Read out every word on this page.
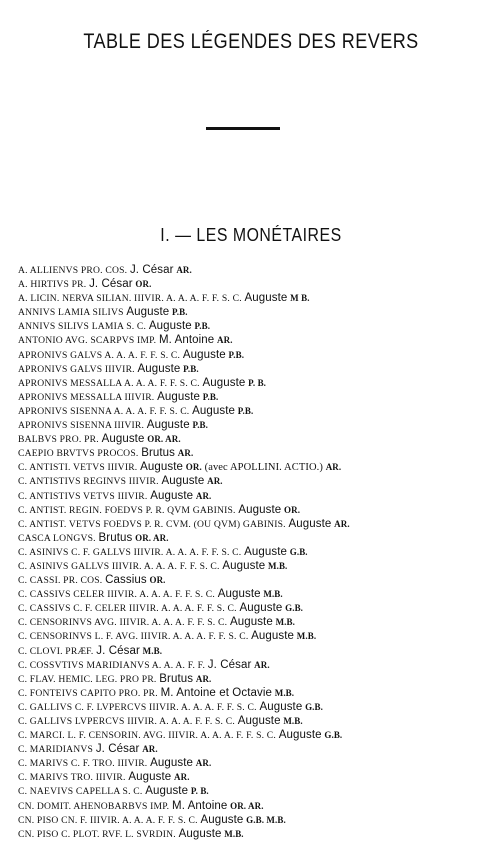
TABLE DES LÉGENDES DES REVERS
I. — LES MONÉTAIRES
A. ALLIENVS PRO. COS. J. César AR.
A. HIRTIVS PR. J. César OR.
A. LICIN. NERVA SILIAN. IIIVIR. A. A. A. F. F. S. C. Auguste M B.
ANNIVS LAMIA SILIVS Auguste P.B.
ANNIVS SILIVS LAMIA S. C. Auguste P.B.
ANTONIO AVG. SCARPVS IMP. M. Antoine AR.
APRONIVS GALVS A. A. A. F. F. S. C. Auguste P.B.
APRONIVS GALVS IIIVIR. Auguste P.B.
APRONIVS MESSALLA A. A. A. F. F. S. C. Auguste P. B.
APRONIVS MESSALLA IIIVIR. Auguste P.B.
APRONIVS SISENNA A. A. A. F. F. S. C. Auguste P.B.
APRONIVS SISENNA IIIVIR. Auguste P.B.
BALBVS PRO. PR. Auguste OR. AR.
CAEPIO BRVTVS PROCOS. Brutus AR.
C. ANTISTI. VETVS IIIVIR. Auguste OR. (avec APOLLINI. ACTIO.) AR.
C. ANTISTIVS REGINVS IIIVIR. Auguste AR.
C. ANTISTIVS VETVS IIIVIR. Auguste AR.
C. ANTIST. REGIN. FOEDVS P. R. QVM GABINIS. Auguste OR.
C. ANTIST. VETVS FOEDVS P. R. CVM. (OU QVM) GABINIS. Auguste AR.
CASCA LONGVS. Brutus OR. AR.
C. ASINIVS C. F. GALLVS IIIVIR. A. A. A. F. F. S. C. Auguste G.B.
C. ASINIVS GALLVS IIIVIR. A. A. A. F. F. S. C. Auguste M.B.
C. CASSI. PR. COS. Cassius OR.
C. CASSIVS CELER IIIVIR. A. A. A. F. F. S. C. Auguste M.B.
C. CASSIVS C. F. CELER IIIVIR. A. A. A. F. F. S. C. Auguste G.B.
C. CENSORINVS AVG. IIIVIR. A. A. A. F. F. S. C. Auguste M.B.
C. CENSORINVS L. F. AVG. IIIVIR. A. A. A. F. F. S. C. Auguste M.B.
C. CLOVI. PRÆF. J. César M.B.
C. COSSVTIVS MARIDIANVS A. A. A. F. F. J. César AR.
C. FLAV. HEMIC. LEG. PRO PR. Brutus AR.
C. FONTEIVS CAPITO PRO. PR. M. Antoine et Octavie M.B.
C. GALLIVS C. F. LVPERCVS IIIVIR. A. A. A. F. F. S. C. Auguste G.B.
C. GALLIVS LVPERCVS IIIVIR. A. A. A. F. F. S. C. Auguste M.B.
C. MARCI. L. F. CENSORIN. AVG. IIIVIR. A. A. A. F. F. S. C. Auguste G.B.
C. MARIDIANVS J. César AR.
C. MARIVS C. F. TRO. IIIVIR. Auguste AR.
C. MARIVS TRO. IIIVIR. Auguste AR.
C. NAEVIVS CAPELLA S. C. Auguste P. B.
CN. DOMIT. AHENOBARBVS IMP. M. Antoine OR. AR.
CN. PISO CN. F. IIIVIR. A. A. A. F. F. S. C. Auguste G.B. M.B.
CN. PISO C. PLOT. RVF. L. SVRDIN. Auguste M.B.
